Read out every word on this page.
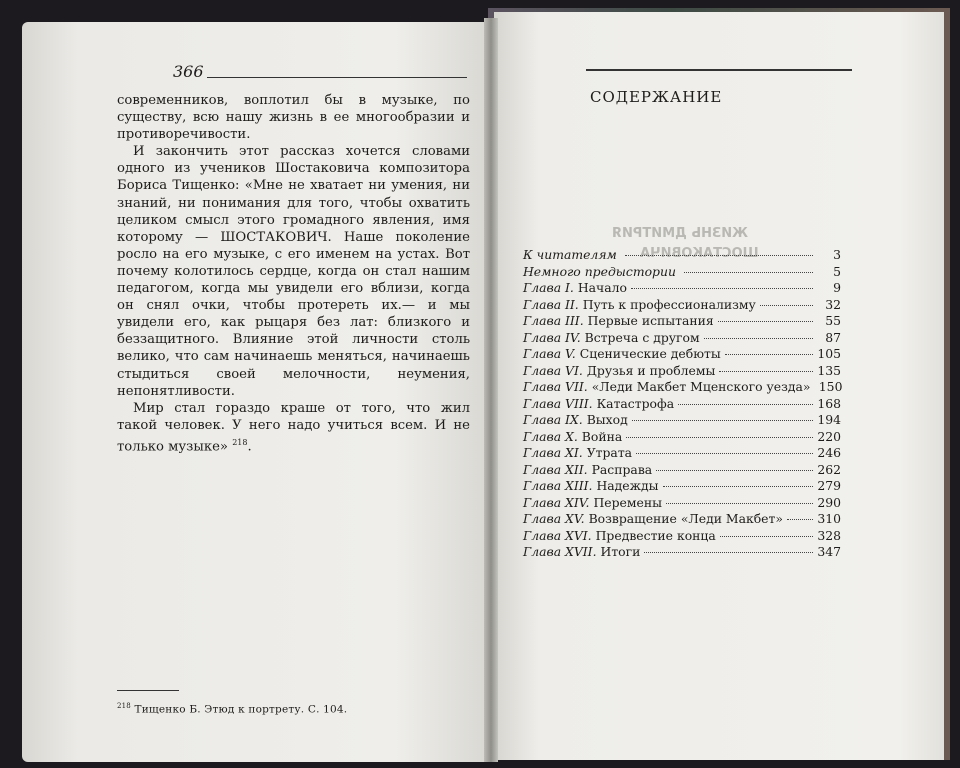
ЖИЗНЬ ДМИТРИЯ
ШОСТАКОВИЧА
366

современников, воплотил бы в музыке, по существу, всю нашу жизнь в ее многообразии и противоречивости.

И закончить этот рассказ хочется словами одного из учеников Шостаковича композитора Бориса Тищенко: «Мне не хватает ни умения, ни знаний, ни понимания для того, чтобы охватить целиком смысл этого громадного явления, имя которому — ШОСТАКОВИЧ. Наше поколение росло на его музыке, с его именем на устах. Вот почему колотилось сердце, когда он стал нашим педагогом, когда мы увидели его вблизи, когда он снял очки, чтобы протереть их.— и мы увидели его, как рыцаря без лат: близкого и беззащитного. Влияние этой личности столь велико, что сам начинаешь меняться, начинаешь стыдиться своей мелочности, неумения, непонятливости.

Мир стал гораздо краше от того, что жил такой человек. У него надо учиться всем. И не только музыке» $^{218}$.

$^{218}$ Тищенко Б. Этюд к портрету. С. 104.
СОДЕРЖАНИЕ
К читателям	3
Немного предыстории	5
Глава I. Начало	9
Глава II. Путь к профессионализму	32
Глава III. Первые испытания	55
Глава IV. Встреча с другом	87
Глава V. Сценические дебюты	105
Глава VI. Друзья и проблемы	135
Глава VII. «Леди Макбет Мценского уезда» 150
Глава VIII. Катастрофа	168
Глава IX. Выход	194
Глава X. Война	220
Глава XI. Утрата	246
Глава XII. Расправа	262
Глава XIII. Надежды	279
Глава XIV. Перемены	290
Глава XV. Возвращение «Леди Макбет»	310
Глава XVI. Предвестие конца	328
Глава XVII. Итоги	347
